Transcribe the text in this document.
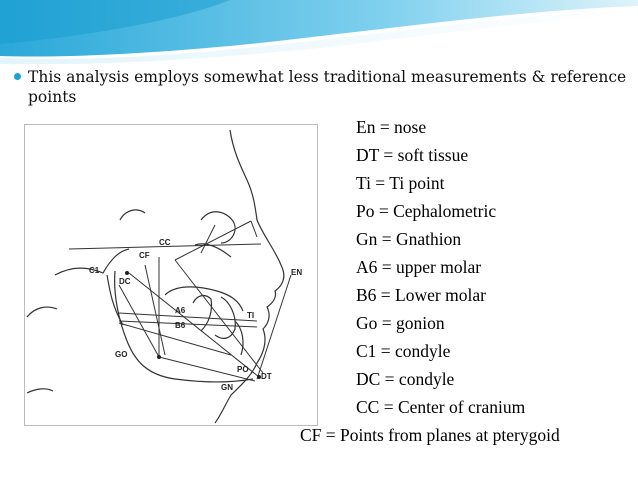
This analysis employs somewhat less traditional measurements & reference points
CC
CF
C1
DC
EN
A6
B6
TI
GO
PO
DT
GN
En = nose
DT = soft tissue
Ti = Ti point
Po = Cephalometric
Gn = Gnathion
A6 = upper molar
B6 = Lower molar
Go = gonion
C1 = condyle
DC = condyle
CC = Center of cranium
CF = Points from planes at pterygoid
